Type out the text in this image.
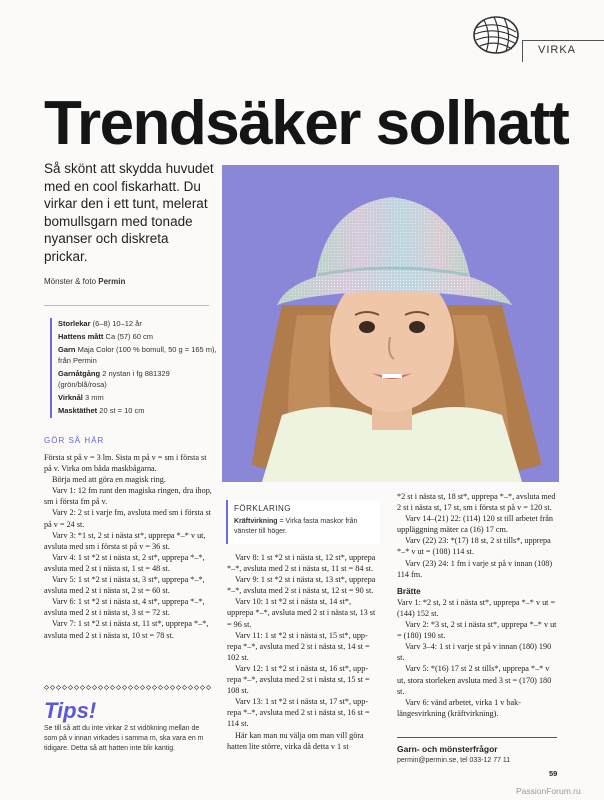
VIRKA
Trendsäker solhatt
Så skönt att skydda huvudet med en cool fiskarhatt. Du virkar den i ett tunt, melerat bomullsgarn med tonade nyanser och diskreta prickar.
Mönster & foto Permin
Storlekar (6–8) 10–12 år
Hattens mått Ca (57) 60 cm
Garn Maja Color (100 % bomull, 50 g = 165 m), från Permin
Garnåtgång 2 nystan i fg 881329 (grön/blå/rosa)
Virknål 3 mm
Masktäthet 20 st = 10 cm
GÖR SÅ HÄR

Första st på v = 3 lm. Sista m på v = sm i första st på v. Virka om båda maskbågarna.

Börja med att göra en magisk ring.

Varv 1: 12 fm runt den magiska ringen, dra ihop, sm i första fm på v.

Varv 2: 2 st i varje fm, avsluta med sm i första st på v = 24 st.

Varv 3: *1 st, 2 st i nästa st*, upprepa *–* v ut, avsluta med sm i första st på v = 36 st.

Varv 4: 1 st *2 st i nästa st, 2 st*, upprepa *–*, avsluta med 2 st i nästa st, 1 st = 48 st.

Varv 5: 1 st *2 st i nästa st, 3 st*, upprepa *–*, avsluta med 2 st i nästa st, 2 st = 60 st.

Varv 6: 1 st *2 st i nästa st, 4 st*, upprepa *–*, avsluta med 2 st i nästa st, 3 st = 72 st.

Varv 7: 1 st *2 st i nästa st, 11 st*, upprepa *–*, avsluta med 2 st i nästa st, 10 st = 78 st.

FÖRKLARING
Kräftvirkning = Virka fasta maskor från vänster till höger.

Varv 8: 1 st *2 st i nästa st, 12 st*, upprepa *–*, avsluta med 2 st i nästa st, 11 st = 84 st.

Varv 9: 1 st *2 st i nästa st, 13 st*, upprepa *–*, avsluta med 2 st i nästa st, 12 st = 90 st.

Varv 10: 1 st *2 st i nästa st, 14 st*, upprepa *–*, avsluta med 2 st i nästa st, 13 st = 96 st.

Varv 11: 1 st *2 st i nästa st, 15 st*, upprepa *–*, avsluta med 2 st i nästa st, 14 st = 102 st.

Varv 12: 1 st *2 st i nästa st, 16 st*, upprepa *–*, avsluta med 2 st i nästa st, 15 st = 108 st.

Varv 13: 1 st *2 st i nästa st, 17 st*, upprepa *–*, avsluta med 2 st i nästa st, 16 st = 114 st.

Här kan man nu välja om man vill göra hatten lite större, virka då detta v 1 st

*2 st i nästa st, 18 st*, upprepa *–*, avsluta med 2 st i nästa st, 17 st, sm i första st på v = 120 st.

Varv 14–(21) 22: (114) 120 st till arbetet från uppläggning mäter ca (16) 17 cm.

Varv (22) 23: *(17) 18 st, 2 st tills*, upprepa *–* v ut = (108) 114 st.

Varv (23) 24: 1 fm i varje st på v innan (108) 114 fm.

Brätte

Varv 1: *2 st, 2 st i nästa st*, upprepa *–* v ut = (144) 152 st.

Varv 2: *3 st, 2 st i nästa st*, upprepa *–* v ut = (180) 190 st.

Varv 3–4: 1 st i varje st på v innan (180) 190 st.

Varv 5: *(16) 17 st 2 st tills*, upprepa *–* v ut, stora storleken avsluta med 3 st = (170) 180 st.

Varv 6: vänd arbetet, virka 1 v baklängesvirkning (kräftvirkning).

Tips!
Se till så att du inte virkar 2 st vidökning mellan de som på v innan virkades i samma m, ska vara en m tidigare. Detta så att hatten inte blir kantig.	Garn- och mönsterfrågor
permin@permin.se, tel 033-12 77 11
59
PassionForum.ru
